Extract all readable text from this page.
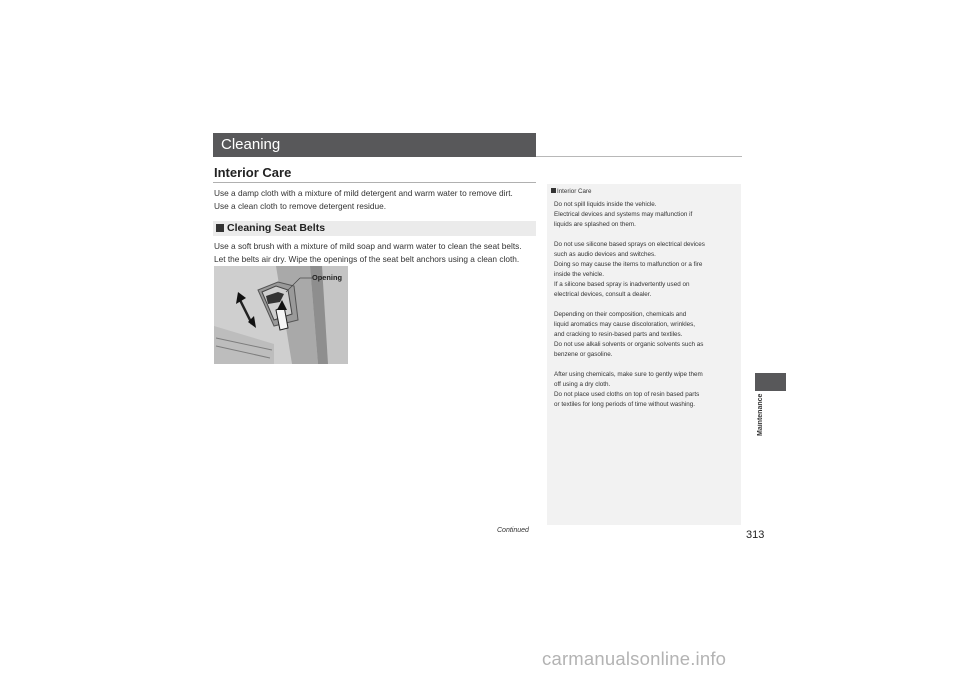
Cleaning
Interior Care

Use a damp cloth with a mixture of mild detergent and warm water to remove dirt.
Use a clean cloth to remove detergent residue.

Cleaning Seat Belts

Use a soft brush with a mixture of mild soap and warm water to clean the seat belts.
Let the belts air dry. Wipe the openings of the seat belt anchors using a clean cloth.

Opening
Interior Care

Do not spill liquids inside the vehicle.
Electrical devices and systems may malfunction if
liquids are splashed on them.

Do not use silicone based sprays on electrical devices
such as audio devices and switches.
Doing so may cause the items to malfunction or a fire
inside the vehicle.
If a silicone based spray is inadvertently used on
electrical devices, consult a dealer.

Depending on their composition, chemicals and
liquid aromatics may cause discoloration, wrinkles,
and cracking to resin-based parts and textiles.
Do not use alkali solvents or organic solvents such as
benzene or gasoline.

After using chemicals, make sure to gently wipe them
off using a dry cloth.
Do not place used cloths on top of resin based parts
or textiles for long periods of time without washing.

Continued	313
Maintenance
carmanualsonline.info
